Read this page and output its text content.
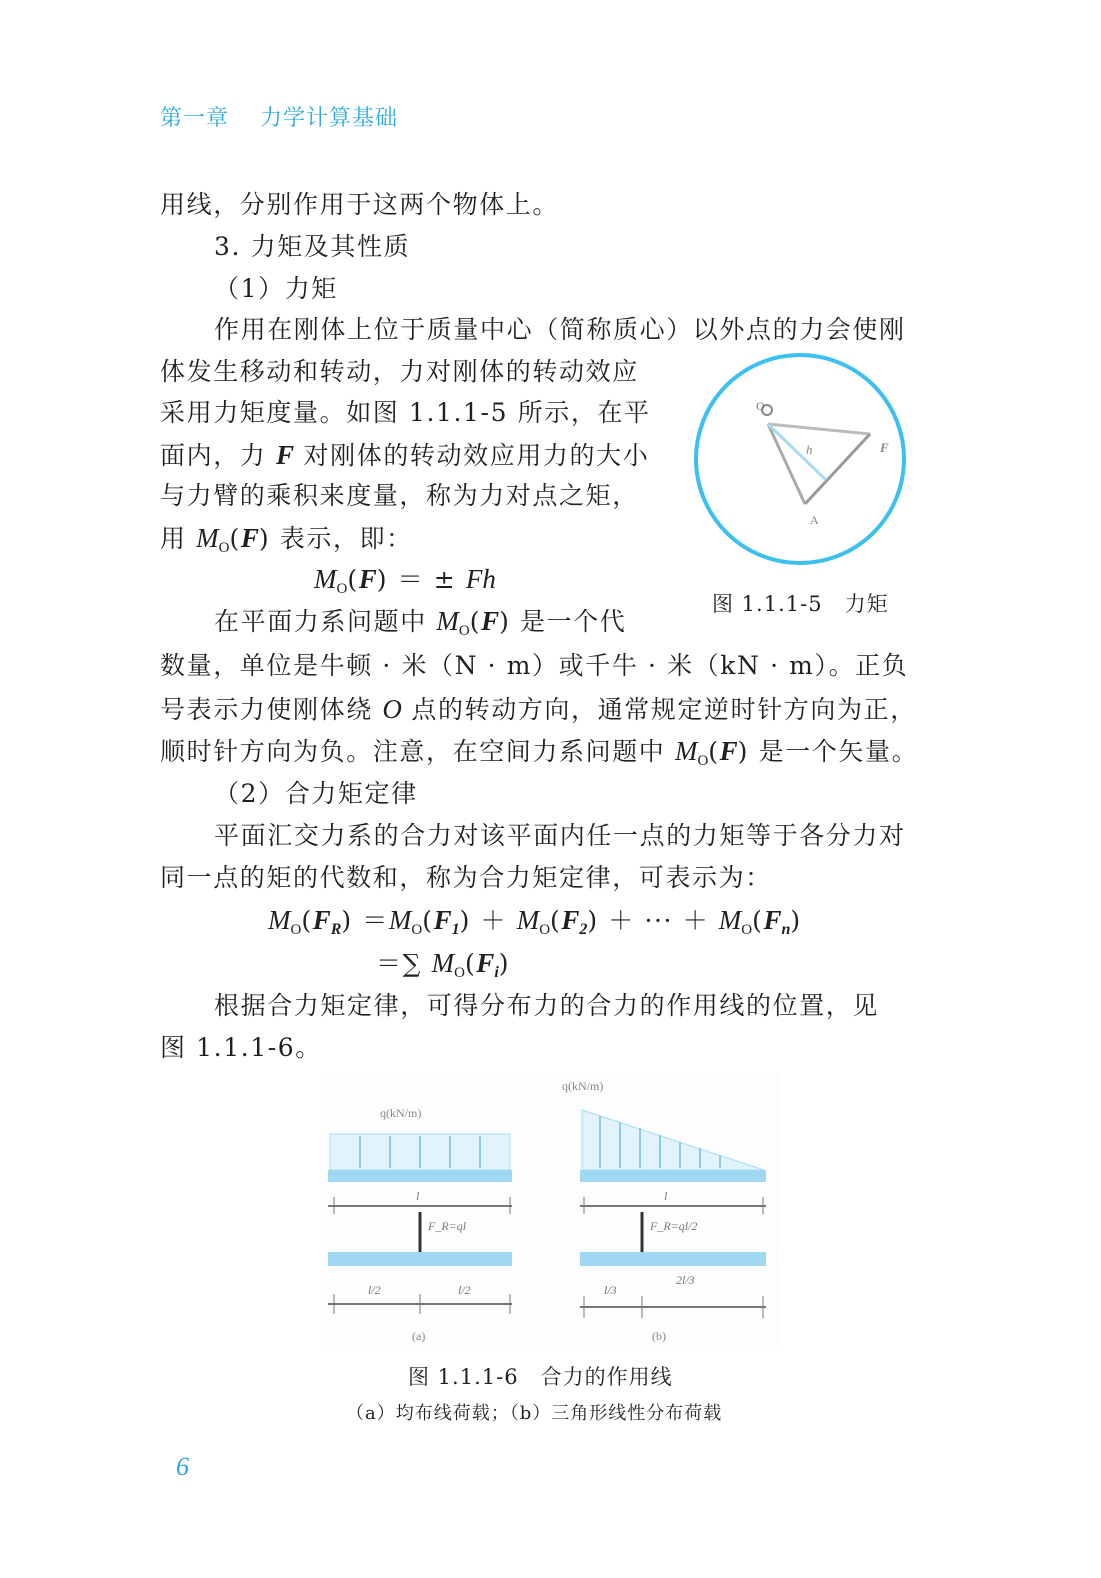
第一章　 力学计算基础
用线，分别作用于这两个物体上。
3. 力矩及其性质
（1）力矩
作用在刚体上位于质量中心（简称质心）以外点的力会使刚
体发生移动和转动，力对刚体的转动效应
采用力矩度量。如图 1.1.1-5 所示，在平
面内，力 F 对刚体的转动效应用力的大小
与力臂的乘积来度量，称为力对点之矩，
用 $M_O(F)$ 表示，即：
$M_O(F)$ ＝ ± Fh
在平面力系问题中 $M_O(F)$ 是一个代
数量，单位是牛顿 · 米（N · m）或千牛 · 米（kN · m）。正负
号表示力使刚体绕 O 点的转动方向，通常规定逆时针方向为正，
顺时针方向为负。注意，在空间力系问题中 $M_O(F)$ 是一个矢量。
（2）合力矩定律
平面汇交力系的合力对该平面内任一点的力矩等于各分力对
同一点的矩的代数和，称为合力矩定律，可表示为：
$M_O(F_R) =M_O(F_1) + M_O(F_2)$ ＋ ··· ＋ $M_O(F_n)$
＝∑ $M_O(F_i)$
根据合力矩定律，可得分布力的合力的作用线的位置，见
图 1.1.1-6。
O
h	F
A
图 1.1.1-5　力矩
q(kN/m)
l
F_R=ql
l/2	l/2
(a)
q(kN/m)
l
F_R=ql/2
l/3
2l/3
(b)
图 1.1.1-6　合力的作用线
（a）均布线荷载；（b）三角形线性分布荷载
6
